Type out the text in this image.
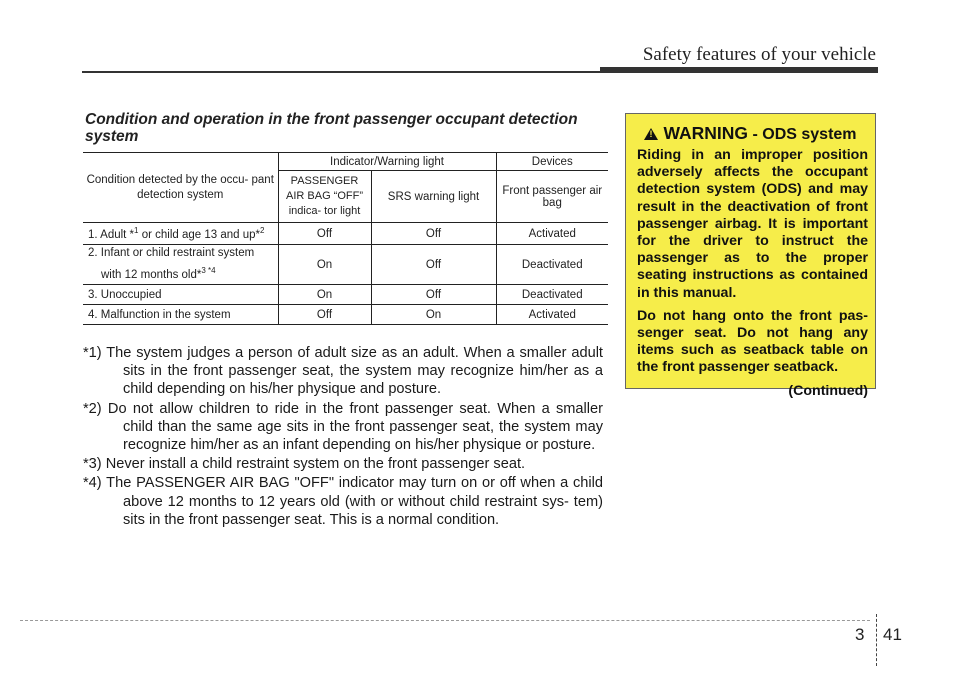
Safety features of your vehicle
Condition and operation in the front passenger occupant detection system
Condition detected by the occu- pant detection system	Indicator/Warning light		Devices
	PASSENGER AIR BAG “OFF” indica- tor light	SRS warning light	Front passenger air bag
1. Adult *$^1$ or child age 13 and up*$^2$	Off	Off	Activated
2. Infant or child restraint system
with 12 months old*$^3$ $^{*4}$	On	Off	Deactivated
3. Unoccupied	On	Off	Deactivated
4. Malfunction in the system	Off	On	Activated
*1) The system judges a person of adult size as an adult. When a smaller adult sits in the front passenger seat, the system may recognize him/her as a child depending on his/her physique and posture.
*2) Do not allow children to ride in the front passenger seat. When a smaller child than the same age sits in the front passenger seat, the system may recognize him/her as an infant depending on his/her physique or posture.
*3) Never install a child restraint system on the front passenger seat.
*4) The PASSENGER AIR BAG "OFF" indicator may turn on or off when a child above 12 months to 12 years old (with or without child restraint sys- tem) sits in the front passenger seat. This is a normal condition.
!WARNING - ODS system

Riding in an improper position adversely affects the occupant detection system (ODS) and may result in the deactivation of front passenger airbag. It is important for the driver to instruct the passenger as to the proper seating instructions as contained in this manual.

Do not hang onto the front pas- senger seat. Do not hang any items such as seatback table on the front passenger seatback.

(Continued)

3 41
